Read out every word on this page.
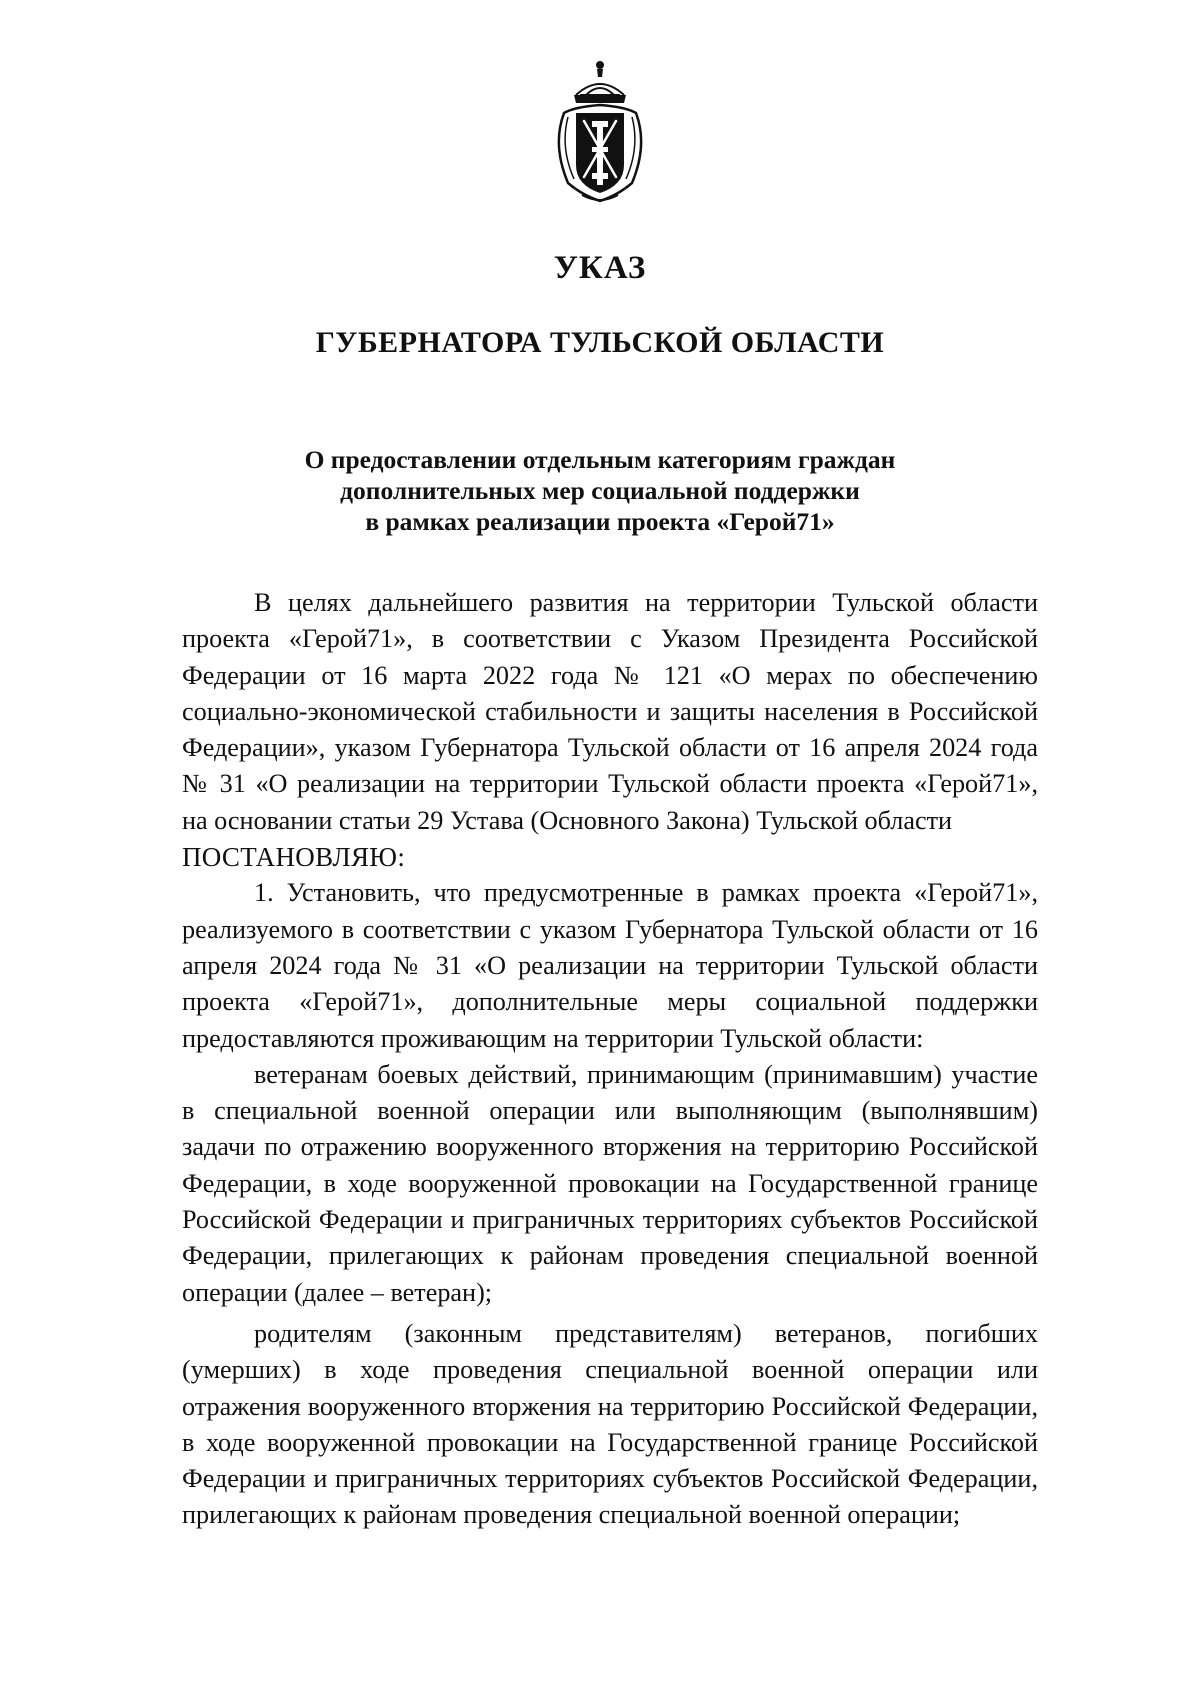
УКАЗ
ГУБЕРНАТОРА ТУЛЬСКОЙ ОБЛАСТИ
О предоставлении отдельным категориям граждан
дополнительных мер социальной поддержки
в рамках реализации проекта «Герой71»

В целях дальнейшего развития на территории Тульской области проекта «Герой71», в соответствии с Указом Президента Российской Федерации от 16 марта 2022 года № 121 «О мерах по обеспечению социально-экономической стабильности и защиты населения в Российской Федерации», указом Губернатора Тульской области от 16 апреля 2024 года № 31 «О реализации на территории Тульской области проекта «Герой71», на основании статьи 29 Устава (Основного Закона) Тульской области

ПОСТАНОВЛЯЮ:

1. Установить, что предусмотренные в рамках проекта «Герой71», реализуемого в соответствии с указом Губернатора Тульской области от 16 апреля 2024 года № 31 «О реализации на территории Тульской области проекта «Герой71», дополнительные меры социальной поддержки предоставляются проживающим на территории Тульской области:

ветеранам боевых действий, принимающим (принимавшим) участие в специальной военной операции или выполняющим (выполнявшим) задачи по отражению вооруженного вторжения на территорию Российской Федерации, в ходе вооруженной провокации на Государственной границе Российской Федерации и приграничных территориях субъектов Российской Федерации, прилегающих к районам проведения специальной военной операции (далее – ветеран);

родителям (законным представителям) ветеранов, погибших (умерших) в ходе проведения специальной военной операции или отражения вооруженного вторжения на территорию Российской Федерации, в ходе вооруженной провокации на Государственной границе Российской Федерации и приграничных территориях субъектов Российской Федерации, прилегающих к районам проведения специальной военной операции;
